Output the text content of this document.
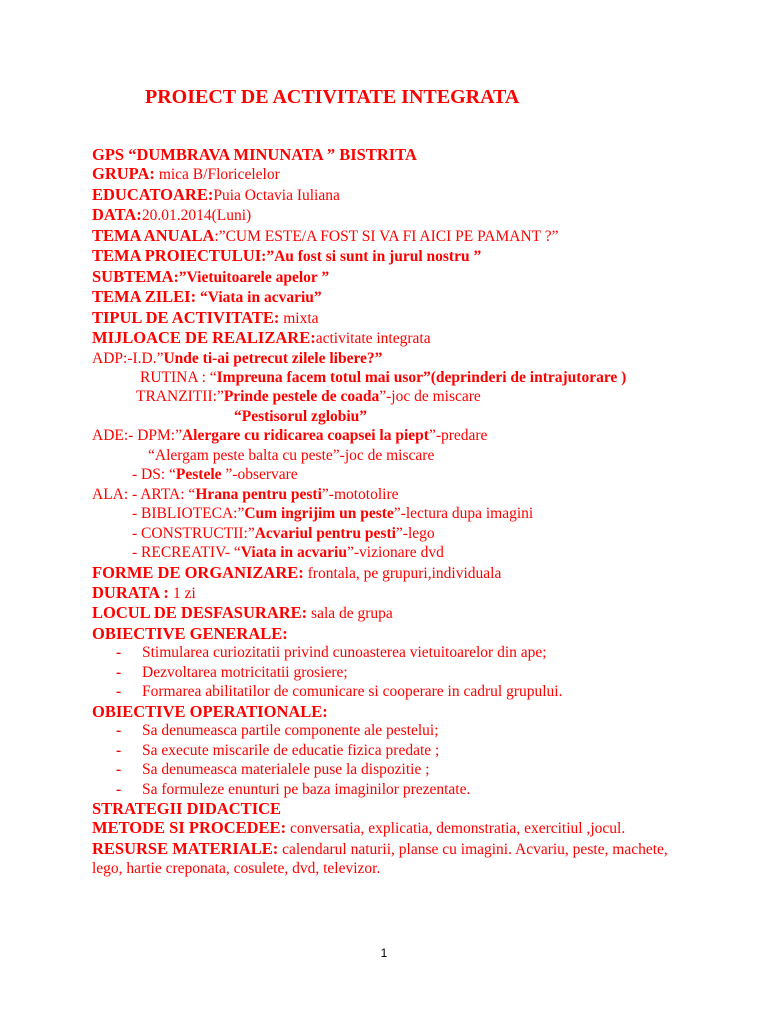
PROIECT DE ACTIVITATE INTEGRATA
GPS “DUMBRAVA MINUNATA ” BISTRITA
GRUPA: mica B/Floricelelor
EDUCATOARE:Puia Octavia Iuliana
DATA:20.01.2014(Luni)
TEMA ANUALA:”CUM ESTE/A FOST SI VA FI AICI PE PAMANT ?”
TEMA PROIECTULUI:”Au fost si sunt in jurul nostru ”
SUBTEMA:”Vietuitoarele apelor ”
TEMA ZILEI: “Viata in acvariu”
TIPUL DE ACTIVITATE: mixta
MIJLOACE DE REALIZARE:activitate integrata
ADP:-I.D.”Unde ti-ai petrecut zilele libere?”
RUTINA : “Impreuna facem totul mai usor”(deprinderi de intrajutorare )
TRANZITII:”Prinde pestele de coada”-joc de miscare
“Pestisorul zglobiu”
ADE:- DPM:”Alergare cu ridicarea coapsei la piept”-predare
“Alergam peste balta cu peste”-joc de miscare
- DS: “Pestele ”-observare
ALA: - ARTA: “Hrana pentru pesti”-mototolire
- BIBLIOTECA:”Cum ingrijim un peste”-lectura dupa imagini
- CONSTRUCTII:”Acvariul pentru pesti”-lego
- RECREATIV- “Viata in acvariu”-vizionare dvd
FORME DE ORGANIZARE: frontala, pe grupuri,individuala
DURATA : 1 zi
LOCUL DE DESFASURARE: sala de grupa
OBIECTIVE GENERALE:
- Stimularea curiozitatii privind cunoasterea vietuitoarelor din ape;
- Dezvoltarea motricitatii grosiere;
- Formarea abilitatilor de comunicare si cooperare in cadrul grupului.
OBIECTIVE OPERATIONALE:
- Sa denumeasca partile componente ale pestelui;
- Sa execute miscarile de educatie fizica predate ;
- Sa denumeasca materialele puse la dispozitie ;
- Sa formuleze enunturi pe baza imaginilor prezentate.
STRATEGII DIDACTICE
METODE SI PROCEDEE: conversatia, explicatia, demonstratia, exercitiul ,jocul.
RESURSE MATERIALE: calendarul naturii, planse cu imagini. Acvariu, peste, machete, lego, hartie creponata, cosulete, dvd, televizor.
1
